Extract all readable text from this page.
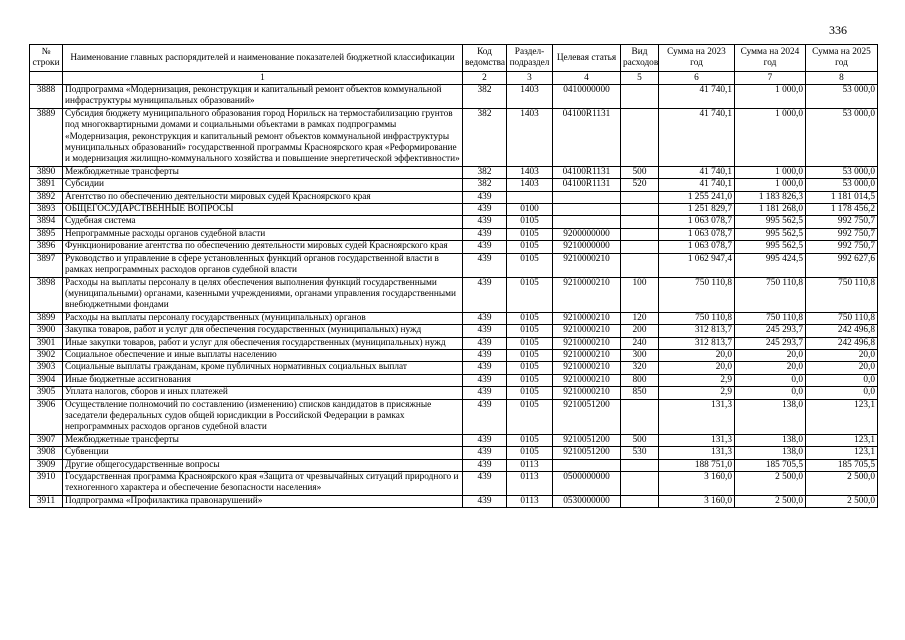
336
№ строки	Наименование главных распорядителей и наименование показателей бюджетной классификации	Код ведомства	Раздел-подраздел	Целевая статья	Вид расходов	Сумма на 2023 год	Сумма на 2024 год	Сумма на 2025 год
	1	2	3	4	5	6	7	8
3888	Подпрограмма «Модернизация, реконструкция и капитальный ремонт объектов коммунальной инфраструктуры муниципальных образований»	382	1403	0410000000		41 740,1	1 000,0	53 000,0
3889	Субсидия бюджету муниципального образования город Норильск на термостабилизацию грунтов под многоквартирными домами и социальными объектами в рамках подпрограммы «Модернизация, реконструкция и капитальный ремонт объектов коммунальной инфраструктуры муниципальных образований» государственной программы Красноярского края «Реформирование и модернизация жилищно-коммунального хозяйства и повышение энергетической эффективности»	382	1403	04100R1131		41 740,1	1 000,0	53 000,0
3890	Межбюджетные трансферты	382	1403	04100R1131	500	41 740,1	1 000,0	53 000,0
3891	Субсидии	382	1403	04100R1131	520	41 740,1	1 000,0	53 000,0
3892	Агентство по обеспечению деятельности мировых судей Красноярского края	439				1 255 241,0	1 183 826,3	1 181 014,5
3893	ОБЩЕГОСУДАРСТВЕННЫЕ ВОПРОСЫ	439	0100			1 251 829,7	1 181 268,0	1 178 456,2
3894	Судебная система	439	0105			1 063 078,7	995 562,5	992 750,7
3895	Непрограммные расходы органов судебной власти	439	0105	9200000000		1 063 078,7	995 562,5	992 750,7
3896	Функционирование агентства по обеспечению деятельности мировых судей Красноярского края	439	0105	9210000000		1 063 078,7	995 562,5	992 750,7
3897	Руководство и управление в сфере установленных функций органов государственной власти в рамках непрограммных расходов органов судебной власти	439	0105	9210000210		1 062 947,4	995 424,5	992 627,6
3898	Расходы на выплаты персоналу в целях обеспечения выполнения функций государственными (муниципальными) органами, казенными учреждениями, органами управления государственными внебюджетными фондами	439	0105	9210000210	100	750 110,8	750 110,8	750 110,8
3899	Расходы на выплаты персоналу государственных (муниципальных) органов	439	0105	9210000210	120	750 110,8	750 110,8	750 110,8
3900	Закупка товаров, работ и услуг для обеспечения государственных (муниципальных) нужд	439	0105	9210000210	200	312 813,7	245 293,7	242 496,8
3901	Иные закупки товаров, работ и услуг для обеспечения государственных (муниципальных) нужд	439	0105	9210000210	240	312 813,7	245 293,7	242 496,8
3902	Социальное обеспечение и иные выплаты населению	439	0105	9210000210	300	20,0	20,0	20,0
3903	Социальные выплаты гражданам, кроме публичных нормативных социальных выплат	439	0105	9210000210	320	20,0	20,0	20,0
3904	Иные бюджетные ассигнования	439	0105	9210000210	800	2,9	0,0	0,0
3905	Уплата налогов, сборов и иных платежей	439	0105	9210000210	850	2,9	0,0	0,0
3906	Осуществление полномочий по составлению (изменению) списков кандидатов в присяжные заседатели федеральных судов общей юрисдикции в Российской Федерации в рамках непрограммных расходов органов судебной власти	439	0105	9210051200		131,3	138,0	123,1
3907	Межбюджетные трансферты	439	0105	9210051200	500	131,3	138,0	123,1
3908	Субвенции	439	0105	9210051200	530	131,3	138,0	123,1
3909	Другие общегосударственные вопросы	439	0113			188 751,0	185 705,5	185 705,5
3910	Государственная программа Красноярского края «Защита от чрезвычайных ситуаций природного и техногенного характера и обеспечение безопасности населения»	439	0113	0500000000		3 160,0	2 500,0	2 500,0
3911	Подпрограмма «Профилактика правонарушений»	439	0113	0530000000		3 160,0	2 500,0	2 500,0
